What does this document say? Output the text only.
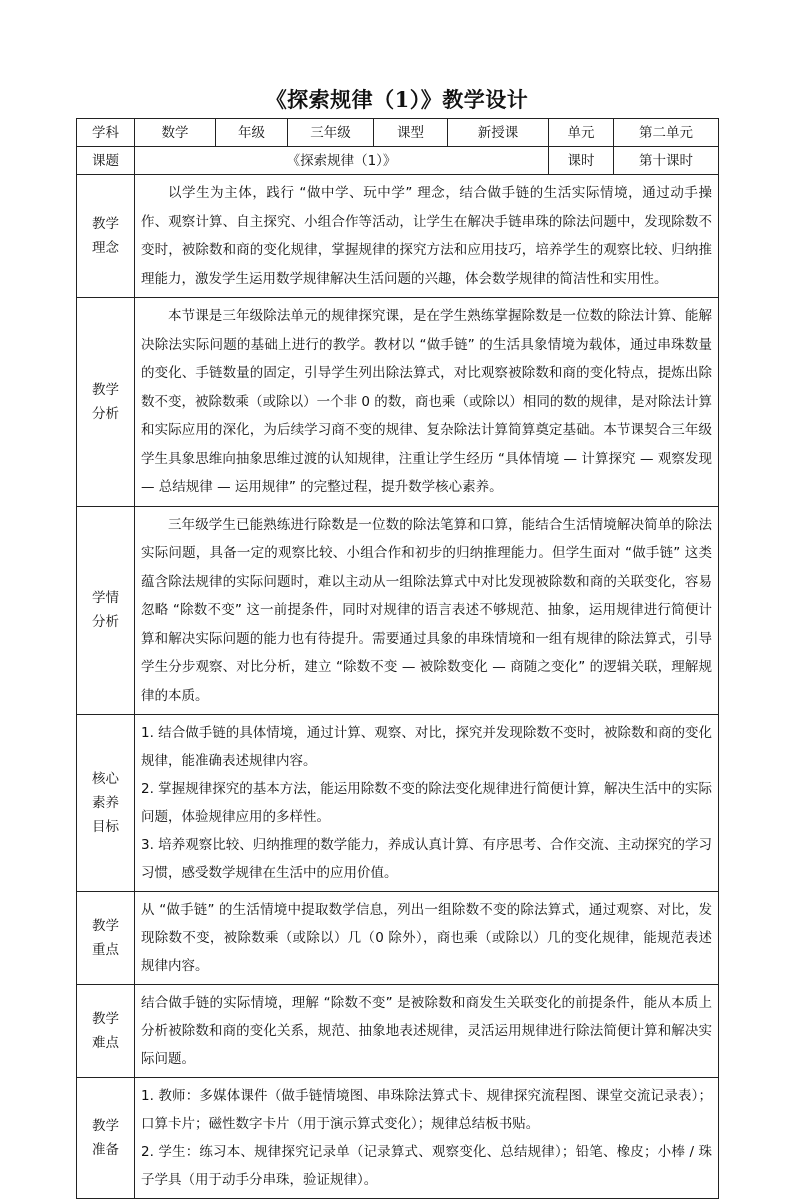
《探索规律（1）》教学设计
学科	数学	年级	三年级	课型	新授课	单元	第二单元
课题	《探索规律（1）》					课时	第十课时
教学理念	以学生为主体，践行 “做中学、玩中学” 理念，结合做手链的生活实际情境，通过动手操作、观察计算、自主探究、小组合作等活动，让学生在解决手链串珠的除法问题中，发现除数不变时，被除数和商的变化规律，掌握规律的探究方法和应用技巧，培养学生的观察比较、归纳推理能力，激发学生运用数学规律解决生活问题的兴趣，体会数学规律的简洁性和实用性。						

教学分析	本节课是三年级除法单元的规律探究课，是在学生熟练掌握除数是一位数的除法计算、能解决除法实际问题的基础上进行的教学。教材以 “做手链” 的生活具象情境为载体，通过串珠数量的变化、手链数量的固定，引导学生列出除法算式，对比观察被除数和商的变化特点，提炼出除数不变，被除数乘（或除以）一个非 0 的数，商也乘（或除以）相同的数的规律，是对除法计算和实际应用的深化，为后续学习商不变的规律、复杂除法计算简算奠定基础。本节课契合三年级学生具象思维向抽象思维过渡的认知规律，注重让学生经历 “具体情境 — 计算探究 — 观察发现 — 总结规律 — 运用规律” 的完整过程，提升数学核心素养。						

学情分析	三年级学生已能熟练进行除数是一位数的除法笔算和口算，能结合生活情境解决简单的除法实际问题，具备一定的观察比较、小组合作和初步的归纳推理能力。但学生面对 “做手链” 这类蕴含除法规律的实际问题时，难以主动从一组除法算式中对比发现被除数和商的关联变化，容易忽略 “除数不变” 这一前提条件，同时对规律的语言表述不够规范、抽象，运用规律进行简便计算和解决实际问题的能力也有待提升。需要通过具象的串珠情境和一组有规律的除法算式，引导学生分步观察、对比分析，建立 “除数不变 — 被除数变化 — 商随之变化” 的逻辑关联，理解规律的本质。						

核心素养目标	1. 结合做手链的具体情境，通过计算、观察、对比，探究并发现除数不变时，被除数和商的变化规律，能准确表述规律内容。

2. 掌握规律探究的基本方法，能运用除数不变的除法变化规律进行简便计算，解决生活中的实际问题，体验规律应用的多样性。

3. 培养观察比较、归纳推理的数学能力，养成认真计算、有序思考、合作交流、主动探究的学习习惯，感受数学规律在生活中的应用价值。						

教学重点	从 “做手链” 的生活情境中提取数学信息，列出一组除数不变的除法算式，通过观察、对比，发现除数不变，被除数乘（或除以）几（0 除外），商也乘（或除以）几的变化规律，能规范表述规律内容。						

教学难点	结合做手链的实际情境，理解 “除数不变” 是被除数和商发生关联变化的前提条件，能从本质上分析被除数和商的变化关系，规范、抽象地表述规律，灵活运用规律进行除法简便计算和解决实际问题。						

教学准备	1. 教师：多媒体课件（做手链情境图、串珠除法算式卡、规律探究流程图、课堂交流记录表）；口算卡片；磁性数字卡片（用于演示算式变化）；规律总结板书贴。

2. 学生：练习本、规律探究记录单（记录算式、观察变化、总结规律）；铅笔、橡皮；小棒 / 珠子学具（用于动手分串珠，验证规律）。						
